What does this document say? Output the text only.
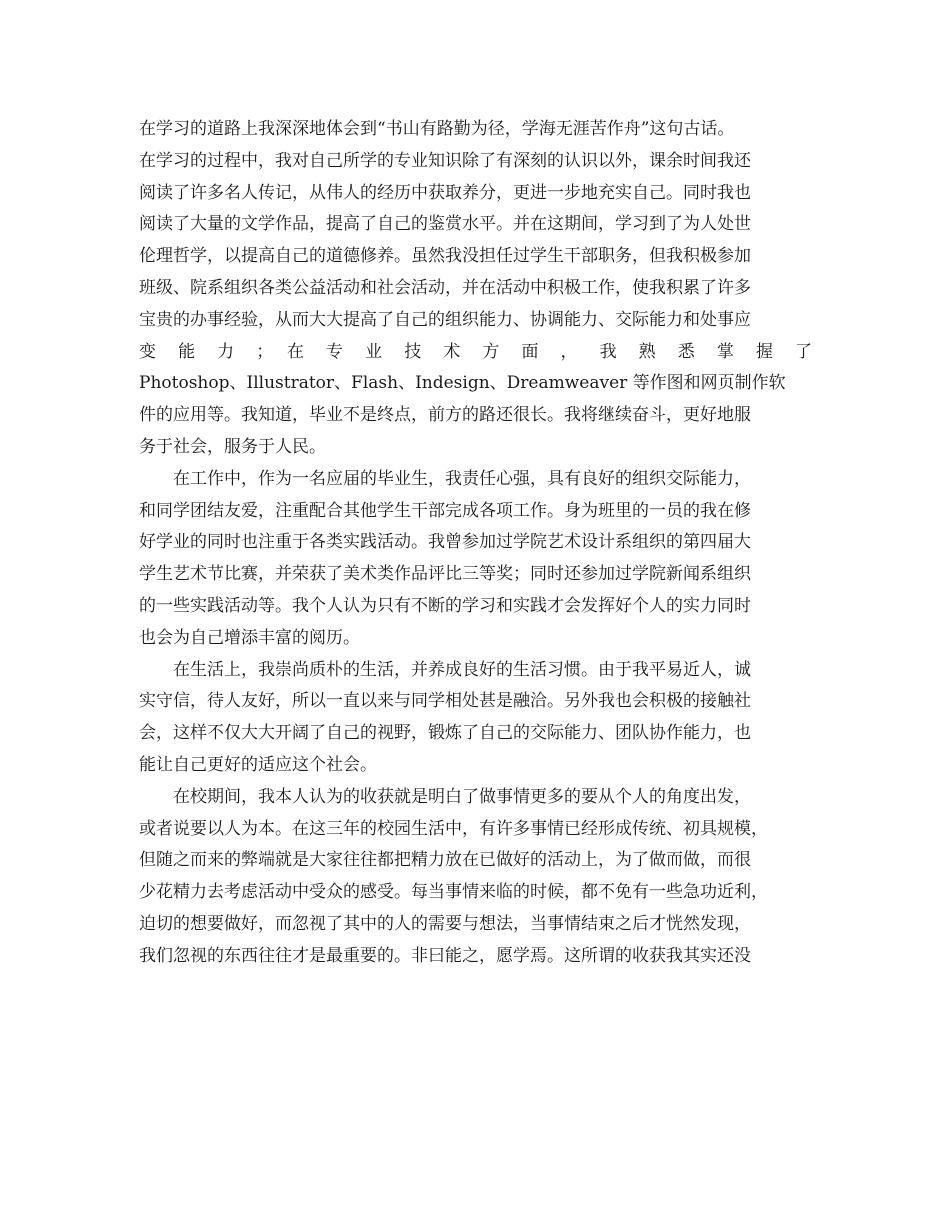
在学习的道路上我深深地体会到“书山有路勤为径，学海无涯苦作舟”这句古话。
在学习的过程中，我对自己所学的专业知识除了有深刻的认识以外，课余时间我还
阅读了许多名人传记，从伟人的经历中获取养分，更进一步地充实自己。同时我也
阅读了大量的文学作品，提高了自己的鉴赏水平。并在这期间，学习到了为人处世
伦理哲学，以提高自己的道德修养。虽然我没担任过学生干部职务，但我积极参加
班级、院系组织各类公益活动和社会活动，并在活动中积极工作，使我积累了许多
宝贵的办事经验，从而大大提高了自己的组织能力、协调能力、交际能力和处事应
变 能 力 ； 在 专 业 技 术 方 面 ， 我 熟 悉 掌 握 了
Photoshop、Illustrator、Flash、Indesign、Dreamweaver 等作图和网页制作软
件的应用等。我知道，毕业不是终点，前方的路还很长。我将继续奋斗，更好地服
务于社会，服务于人民。
在工作中，作为一名应届的毕业生，我责任心强，具有良好的组织交际能力，
和同学团结友爱，注重配合其他学生干部完成各项工作。身为班里的一员的我在修
好学业的同时也注重于各类实践活动。我曾参加过学院艺术设计系组织的第四届大
学生艺术节比赛，并荣获了美术类作品评比三等奖；同时还参加过学院新闻系组织
的一些实践活动等。我个人认为只有不断的学习和实践才会发挥好个人的实力同时
也会为自己增添丰富的阅历。
在生活上，我崇尚质朴的生活，并养成良好的生活习惯。由于我平易近人，诚
实守信，待人友好，所以一直以来与同学相处甚是融洽。另外我也会积极的接触社
会，这样不仅大大开阔了自己的视野，锻炼了自己的交际能力、团队协作能力，也
能让自己更好的适应这个社会。
在校期间，我本人认为的收获就是明白了做事情更多的要从个人的角度出发，
或者说要以人为本。在这三年的校园生活中，有许多事情已经形成传统、初具规模，
但随之而来的弊端就是大家往往都把精力放在已做好的活动上，为了做而做，而很
少花精力去考虑活动中受众的感受。每当事情来临的时候，都不免有一些急功近利，
迫切的想要做好，而忽视了其中的人的需要与想法，当事情结束之后才恍然发现，
我们忽视的东西往往才是最重要的。非曰能之，愿学焉。这所谓的收获我其实还没
